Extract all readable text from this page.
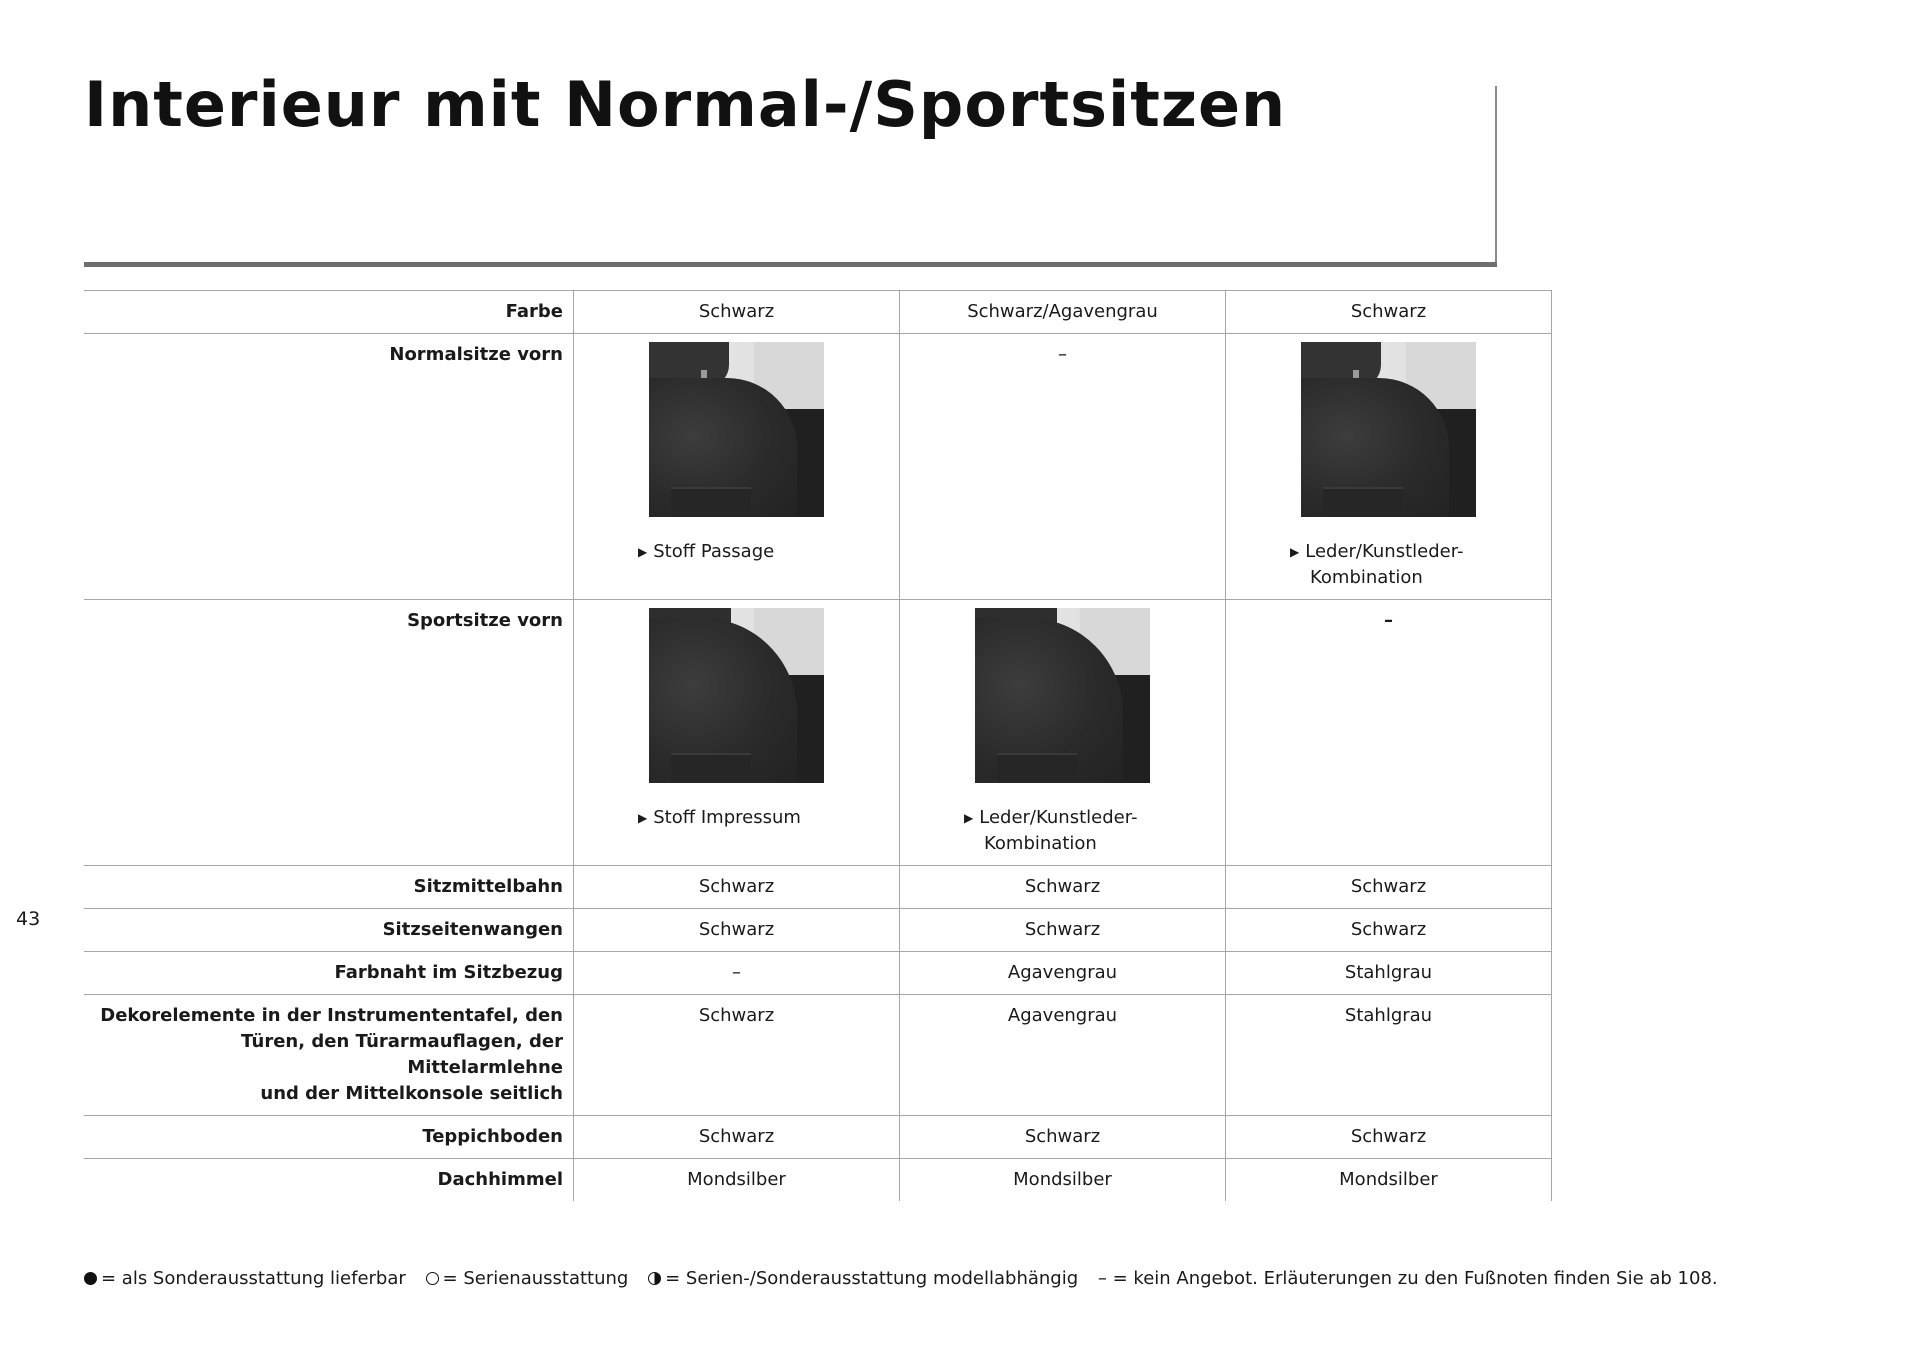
Interieur mit Normal-/Sportsitzen
Farbe	Schwarz	Schwarz/Agavengrau	Schwarz
Normalsitze vorn	▶ Stoff Passage	–	▶ Leder/Kunstleder-
Kombination

Sportsitze vorn	▶ Stoff Impressum	▶ Leder/Kunstleder-
Kombination	–
Sitzmittelbahn	Schwarz	Schwarz	Schwarz
Sitzseitenwangen	Schwarz	Schwarz	Schwarz
Farbnaht im Sitzbezug	–	Agavengrau	Stahlgrau

Dekorelemente in der Instrumententafel, den
Türen, den Türarmauflagen, der Mittelarmlehne
und der Mittelkonsole seitlich	Schwarz	Agavengrau	Stahlgrau
Teppichboden	Schwarz	Schwarz	Schwarz
Dachhimmel	Mondsilber	Mondsilber	Mondsilber
43
= als Sonderausstattung lieferbar = Serienausstattung = Serien-/Sonderausstattung modellabhängig – = kein Angebot. Erläuterungen zu den Fußnoten finden Sie ab 108.
